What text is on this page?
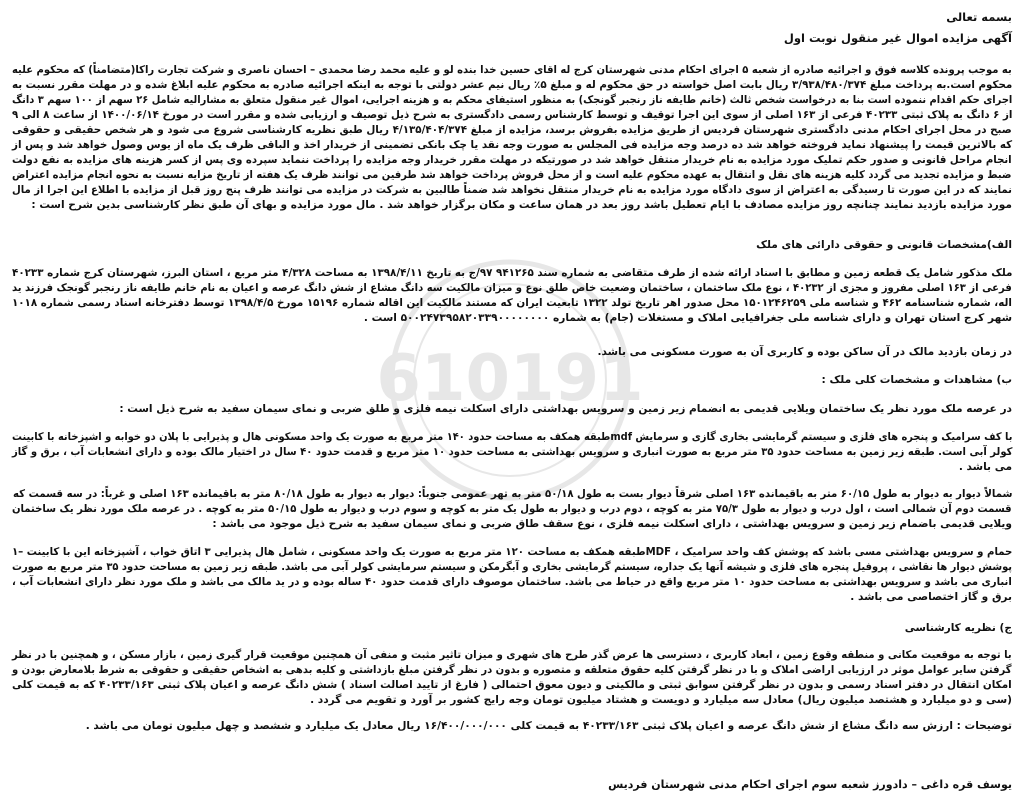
610191
بسمه تعالی
آگهی مزایده اموال غیر منقول نوبت اول
به موجب پرونده کلاسه فوق و اجرائیه صادره از شعبه ۵ اجرای احکام مدنی شهرستان کرج له اقای حسین خدا بنده لو و علیه محمد رضا محمدی – احسان ناصری و شرکت تجارت راکا(متضامناً) که محکوم علیه
محکوم است.به پرداخت مبلغ ۳/۹۳۸/۴۸۰/۳۷۴ ریال بابت اصل خواسته در حق محکوم له و مبلغ ۵٪ ریال نیم عشر دولتی با توجه به اینکه اجرائیه صادره به محکوم علیه ابلاغ شده و در مهلت مقرر نسبت به
اجرای حکم اقدام ننموده است بنا به درخواست شخص ثالث (خانم طایفه ناز رنجبر گونجک) به منظور استیفای محکم به و هزینه اجرایی، اموال غیر منقول متعلق به مشارالیه شامل ۲۶ سهم از ۱۰۰ سهم ۳ دانگ
از ۶ دانگ به پلاک ثبتی ۴۰۲۳۳ فرعی از ۱۶۳ اصلی از سوی این اجرا توقیف و توسط کارشناس رسمی دادگستری به شرح ذیل توصیف و ارزیابی شده و مقرر است در مورخ ۱۴۰۰/۰۶/۱۴ از ساعت ۸ الی ۹
صبح در محل اجرای احکام مدنی دادگستری شهرستان فردیس از طریق مزایده بفروش برسد، مزایده از مبلغ ۴/۱۳۵/۴۰۴/۳۷۴ ریال طبق نظریه کارشناسی شروع می شود و هر شخص حقیقی و حقوقی
که بالاترین قیمت را پیشنهاد نماید فروخته خواهد شد ده درصد وجه مزایده فی المجلس به صورت وجه نقد یا چک بانکی تضمینی از خریدار اخذ و الباقی ظرف یک ماه از یوس وصول خواهد شد و پس از
انجام مراحل قانونی و صدور حکم تملیک مورد مزایده به نام خریدار منتقل خواهد شد در صورتیکه در مهلت مقرر خریدار وجه مزایده را پرداخت ننماید سپرده وی پس از کسر هزینه های مزایده به نفع دولت
ضبط و مزایده تجدید می گردد کلیه هزینه های نقل و انتقال به عهده محکوم علیه است و از محل فروش پرداخت خواهد شد طرفین می توانند ظرف یک هفته از تاریخ مزایه نسبت به نحوه انجام مزایده اعتراض
نمایند که در این صورت تا رسیدگی به اعتراض از سوی دادگاه مورد مزایده به نام خریدار منتقل نخواهد شد ضمناً طالبین به شرکت در مزایده می توانند ظرف پنج روز قبل از مزایده با اطلاع این اجرا از مال
مورد مزایده بازدید نمایند چنانچه روز مزایده مصادف با ایام تعطیل باشد روز بعد در همان ساعت و مکان برگزار خواهد شد . مال مورد مزایده و بهای آن طبق نظر کارشناسی بدین شرح است :
الف)مشخصات قانونی و حقوقی دارائی های ملک
ملک مذکور شامل یک قطعه زمین و مطابق با اسناد ارائه شده از طرف متقاضی به شماره سند ۹۴۱۲۶۵ ۹۷/ج به تاریخ ۱۳۹۸/۴/۱۱ به مساحت ۴/۳۲۸ متر مربع ، استان البرز، شهرستان کرج شماره ۴۰۲۳۳
فرعی از ۱۶۳ اصلی مفروز و مجزی از ۴۰۲۳۲ ، نوع ملک ساختمان ، ساختمان وضعیت خاص طلق نوع و میزان مالکیت سه دانگ مشاع از شش دانگ عرصه و اعیان به نام خانم طایفه ناز رنجبر گونجک فرزند ید
اله، شماره شناسنامه ۴۶۲ و شناسه ملی ۱۵۰۱۲۴۶۲۵۹ محل صدور اهر تاریخ تولد ۱۳۲۲ تابعیت ایران که مستند مالکیت این اقاله شماره ۱۵۱۹۶ مورخ ۱۳۹۸/۴/۵ توسط دفترخانه اسناد رسمی شماره ۱۰۱۸
شهر کرج استان تهران و دارای شناسه ملی جغرافیایی املاک و مستغلات (جام) به شماره ۵۰۰۲۴۷۳۹۵۸۲۰۳۳۹۰۰۰۰۰۰۰۰ است .
در زمان بازدید مالک در آن ساکن بوده و کاربری آن به صورت مسکونی می باشد.
ب) مشاهدات و مشخصات کلی ملک :
در عرصه ملک مورد نظر یک ساختمان ویلایی قدیمی به انضمام زیر زمین و سرویس بهداشتی دارای اسکلت نیمه فلزی و طلق ضربی و نمای سیمان سفید به شرح ذیل است :
با کف سرامیک و پنجره های فلزی و سیستم گرمایشی بخاری گازی و سرمایش mdfطبقه همکف به مساحت حدود ۱۴۰ متر مربع به صورت یک واحد مسکونی هال و پذیرایی با پلان دو خوابه و اشپزخانه با کابینت
کولر آبی است. طبقه زیر زمین به مساحت حدود ۳۵ متر مربع به صورت انباری و سرویس بهداشتی به مساحت حدود ۱۰ متر مربع و قدمت حدود ۴۰ سال در اختیار مالک بوده و دارای انشعابات آب ، برق و گاز
می باشد .
شمالاً دیوار به دیوار به طول ۶۰/۱۵ متر به باقیمانده ۱۶۳ اصلی شرقاً دیوار بست به طول ۵۰/۱۸ متر به تهر عمومی جنوباً: دیوار به دیوار به طول ۸۰/۱۸ متر به باقیمانده ۱۶۳ اصلی و غرباً: در سه قسمت که
قسمت دوم آن شمالی است ، اول درب و دیوار به طول ۷۵/۳ متر به کوچه ، دوم درب و دیوار به طول یک متر به کوچه و سوم درب و دیوار به طول ۵۰/۱۵ متر به کوچه . در عرصه ملک مورد نظر یک ساختمان
ویلایی قدیمی باضمام زیر زمین و سرویس بهداشتی ، دارای اسکلت نیمه فلزی ، نوع سقف طاق ضربی و نمای سیمان سفید به شرح ذیل موجود می باشد :
حمام و سرویس بهداشتی مسی باشد که پوشش کف واحد سرامیک ، MDFطبقه همکف به مساحت ۱۲۰ متر مربع به صورت یک واحد مسکونی ، شامل هال پذیرایی ۳ اتاق خواب ، آشپزخانه این با کابینت –۱
پوشش دیوار ها نقاشی ، پروفیل پنجره های فلزی و شیشه آنها یک جداره، سیستم گرمایشی بخاری و آبگرمکن و سیستم سرمایشی کولر آبی می باشد. طبقه زیر زمین به مساحت حدود ۳۵ متر مربع به صورت
انباری می باشد و سرویس بهداشتی به مساحت حدود ۱۰ متر مربع واقع در حیاط می باشد. ساختمان موصوف دارای قدمت حدود ۴۰ ساله بوده و در ید مالک می باشد و ملک مورد نظر دارای انشعابات آب ،
برق و گاز اختصاصی می باشد .
ج) نظریه کارشناسی
با توجه به موقعیت مکانی و منطقه وقوع زمین ، ابعاد کاربری ، دسترسی ها عرض گذر طرح های شهری و میزان تاثیر مثبت و منفی آن همچنین موقعیت قرار گیری زمین ، بازار مسکن ، و همچنین با در نظر
گرفتن سایر عوامل موثر در ارزیابی اراضی املاک و با در نظر گرفتن کلیه حقوق متعلقه و متصوره و بدون در نظر گرفتن مبلغ بازداشتی و کلیه بدهی به اشخاص حقیقی و حقوقی به شرط بلامعارض بودن و
امکان انتقال در دفتر اسناد رسمی و بدون در نظر گرفتن سوابق ثبتی و مالکیتی و دیون معوق احتمالی ( فارغ از تایید اصالت اسناد ) شش دانگ عرصه و اعیان پلاک ثبتی ۴۰۲۳۳/۱۶۳ که به قیمت کلی
(سی و دو میلیارد و هشتصد میلیون ریال) معادل سه میلیارد و دویست و هشتاد میلیون تومان وجه رایج کشور بر آورد و تقویم می گردد .
توضیحات : ارزش سه دانگ مشاع از شش دانگ عرصه و اعیان پلاک ثبتی ۴۰۲۳۳/۱۶۳ به قیمت کلی ۱۶/۴۰۰/۰۰۰/۰۰۰ ریال معادل یک میلیارد و ششصد و چهل میلیون تومان می باشد .
یوسف قره داغی – دادورز شعبه سوم اجرای احکام مدنی شهرستان فردیس
